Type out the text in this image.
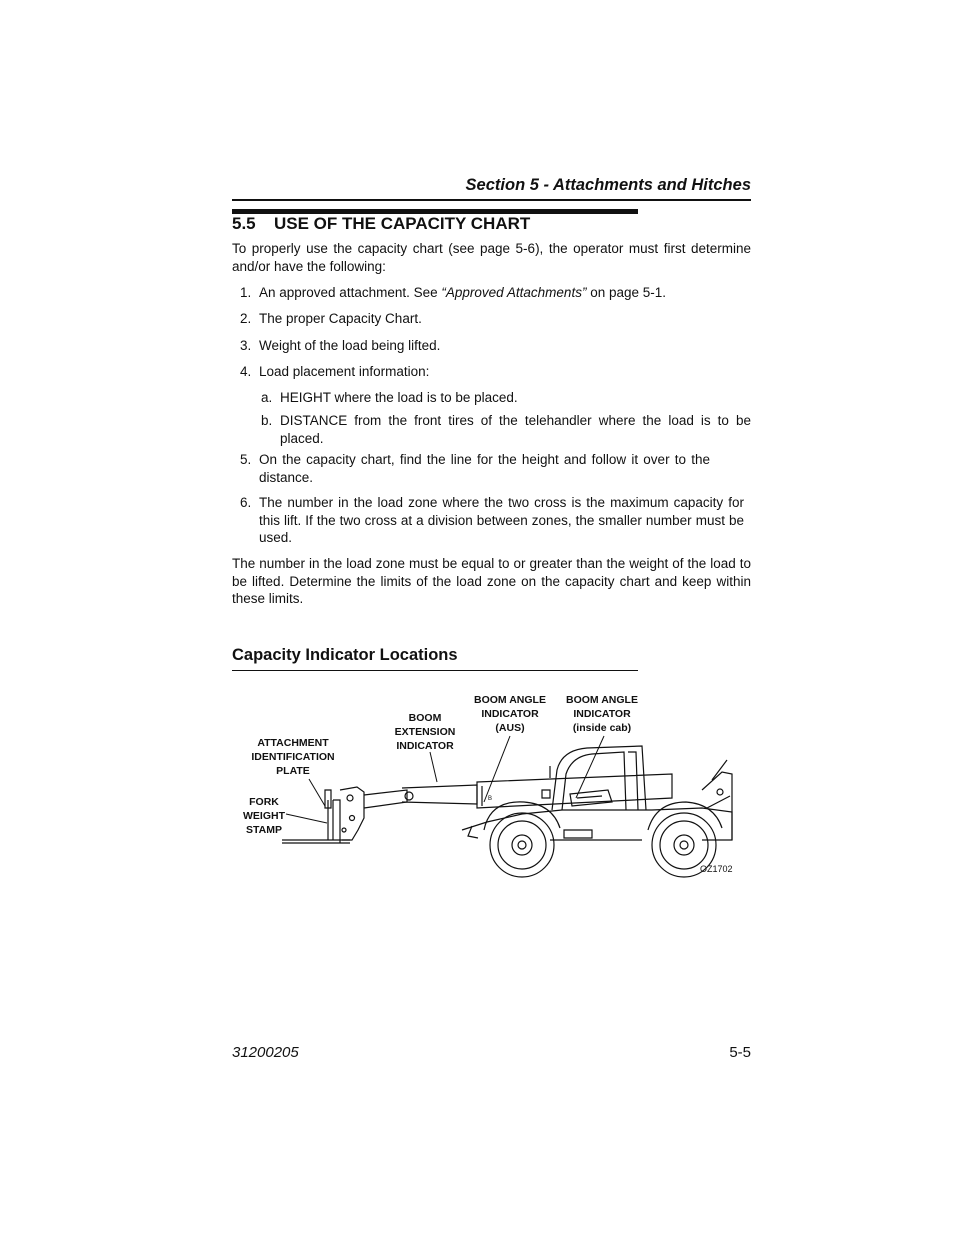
Section 5 - Attachments and Hitches
5.5 USE OF THE CAPACITY CHART
To properly use the capacity chart (see page 5-6), the operator must first determine and/or have the following:
1. An approved attachment. See “Approved Attachments” on page 5-1.
2. The proper Capacity Chart.
3. Weight of the load being lifted.
4. Load placement information:
a. HEIGHT where the load is to be placed.
b. DISTANCE from the front tires of the telehandler where the load is to be placed.
5. On the capacity chart, find the line for the height and follow it over to the distance.
6. The number in the load zone where the two cross is the maximum capacity for this lift. If the two cross at a division between zones, the smaller number must be used.
The number in the load zone must be equal to or greater than the weight of the load to be lifted. Determine the limits of the load zone on the capacity chart and keep within these limits.
Capacity Indicator Locations
B
ATTACHMENT
IDENTIFICATION
PLATE
FORK
WEIGHT
STAMP
BOOM
EXTENSION
INDICATOR
BOOM ANGLE
INDICATOR
(AUS)
BOOM ANGLE
INDICATOR
(inside cab)
OZ1702
31200205	5-5
